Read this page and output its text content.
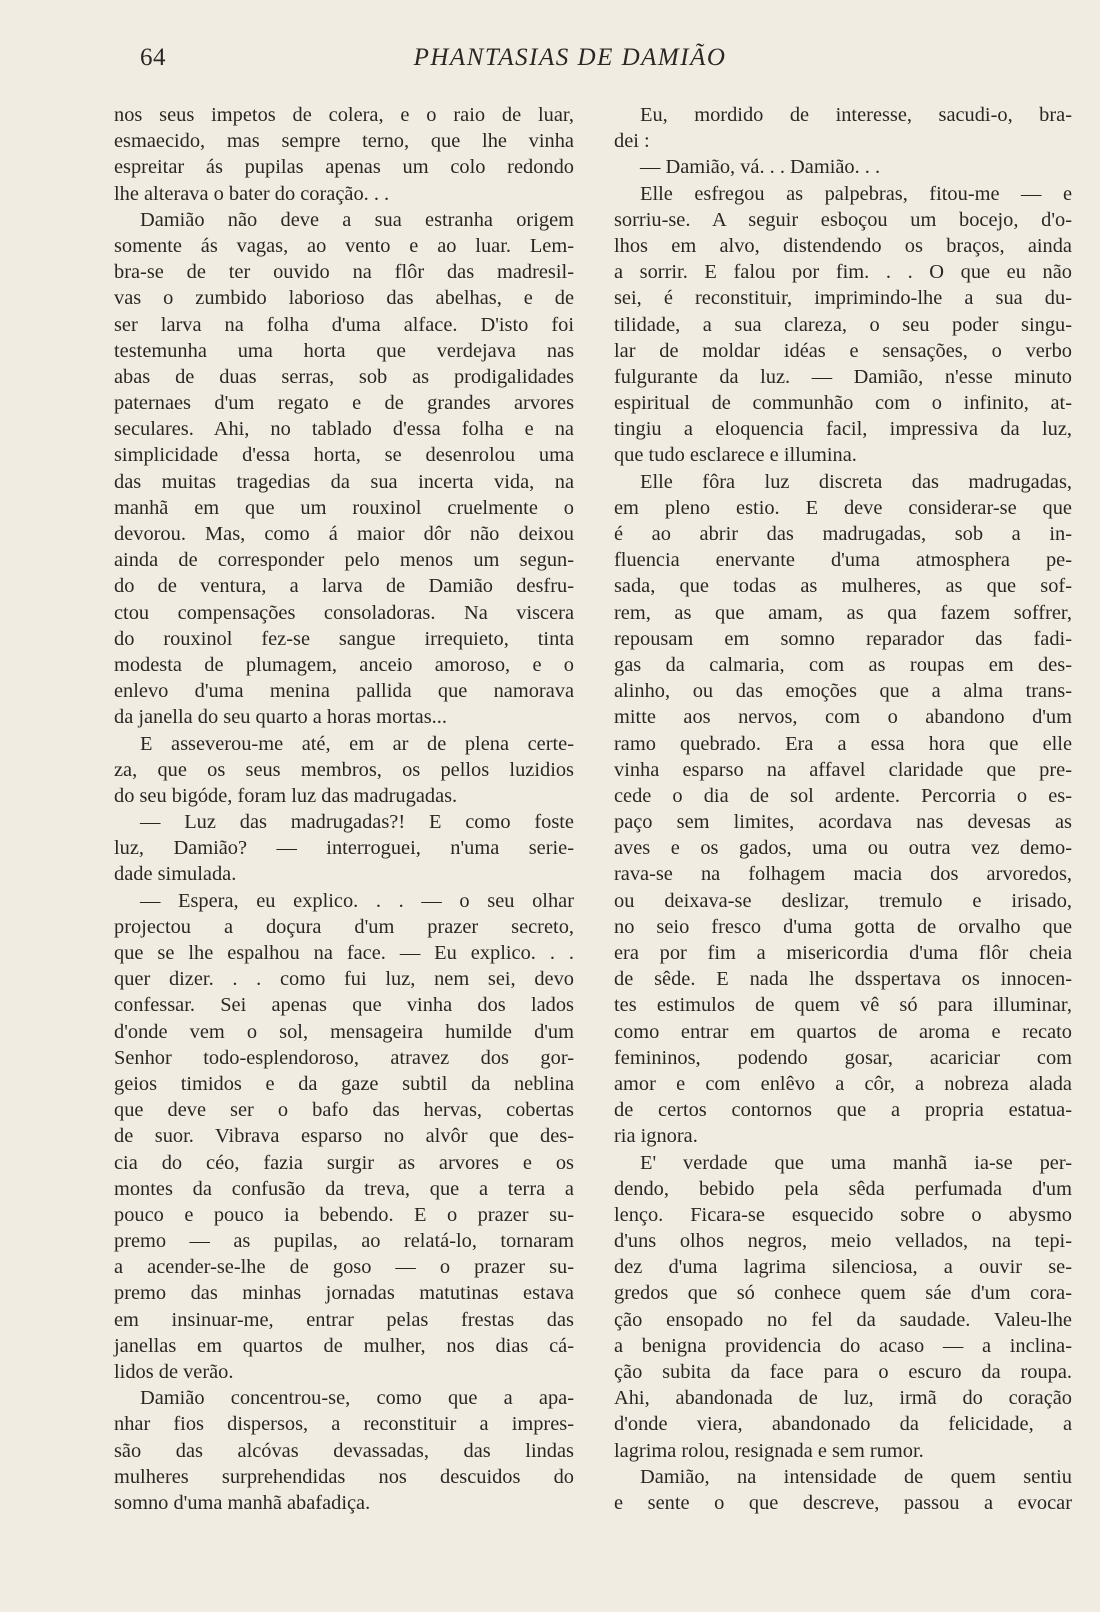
64	PHANTASIAS DE DAMIÃO
nos seus impetos de colera, e o raio de luar,
esmaecido, mas sempre terno, que lhe vinha
espreitar ás pupilas apenas um colo redondo
lhe alterava o bater do coração. . .
Damião não deve a sua estranha origem
somente ás vagas, ao vento e ao luar. Lem-
bra-se de ter ouvido na flôr das madresil-
vas o zumbido laborioso das abelhas, e de
ser larva na folha d'uma alface. D'isto foi
testemunha uma horta que verdejava nas
abas de duas serras, sob as prodigalidades
paternaes d'um regato e de grandes arvores
seculares. Ahi, no tablado d'essa folha e na
simplicidade d'essa horta, se desenrolou uma
das muitas tragedias da sua incerta vida, na
manhã em que um rouxinol cruelmente o
devorou. Mas, como á maior dôr não deixou
ainda de corresponder pelo menos um segun-
do de ventura, a larva de Damião desfru-
ctou compensações consoladoras. Na viscera
do rouxinol fez-se sangue irrequieto, tinta
modesta de plumagem, anceio amoroso, e o
enlevo d'uma menina pallida que namorava
da janella do seu quarto a horas mortas...
E asseverou-me até, em ar de plena certe-
za, que os seus membros, os pellos luzidios
do seu bigóde, foram luz das madrugadas.
— Luz das madrugadas?! E como foste
luz, Damião? — interroguei, n'uma serie-
dade simulada.
— Espera, eu explico. . . — o seu olhar
projectou a doçura d'um prazer secreto,
que se lhe espalhou na face. — Eu explico. . .
quer dizer. . . como fui luz, nem sei, devo
confessar. Sei apenas que vinha dos lados
d'onde vem o sol, mensageira humilde d'um
Senhor todo-esplendoroso, atravez dos gor-
geios timidos e da gaze subtil da neblina
que deve ser o bafo das hervas, cobertas
de suor. Vibrava esparso no alvôr que des-
cia do céo, fazia surgir as arvores e os
montes da confusão da treva, que a terra a
pouco e pouco ia bebendo. E o prazer su-
premo — as pupilas, ao relatá-lo, tornaram
a acender-se-lhe de goso — o prazer su-
premo das minhas jornadas matutinas estava
em insinuar-me, entrar pelas frestas das
janellas em quartos de mulher, nos dias cá-
lidos de verão.
Damião concentrou-se, como que a apa-
nhar fios dispersos, a reconstituir a impres-
são das alcóvas devassadas, das lindas
mulheres surprehendidas nos descuidos do
somno d'uma manhã abafadiça.
Eu, mordido de interesse, sacudi-o, bra-
dei :
— Damião, vá. . . Damião. . .
Elle esfregou as palpebras, fitou-me — e
sorriu-se. A seguir esboçou um bocejo, d'o-
lhos em alvo, distendendo os braços, ainda
a sorrir. E falou por fim. . . O que eu não
sei, é reconstituir, imprimindo-lhe a sua du-
tilidade, a sua clareza, o seu poder singu-
lar de moldar idéas e sensações, o verbo
fulgurante da luz. — Damião, n'esse minuto
espiritual de communhão com o infinito, at-
tingiu a eloquencia facil, impressiva da luz,
que tudo esclarece e illumina.
Elle fôra luz discreta das madrugadas,
em pleno estio. E deve considerar-se que
é ao abrir das madrugadas, sob a in-
fluencia enervante d'uma atmosphera pe-
sada, que todas as mulheres, as que sof-
rem, as que amam, as qua fazem soffrer,
repousam em somno reparador das fadi-
gas da calmaria, com as roupas em des-
alinho, ou das emoções que a alma trans-
mitte aos nervos, com o abandono d'um
ramo quebrado. Era a essa hora que elle
vinha esparso na affavel claridade que pre-
cede o dia de sol ardente. Percorria o es-
paço sem limites, acordava nas devesas as
aves e os gados, uma ou outra vez demo-
rava-se na folhagem macia dos arvoredos,
ou deixava-se deslizar, tremulo e irisado,
no seio fresco d'uma gotta de orvalho que
era por fim a misericordia d'uma flôr cheia
de sêde. E nada lhe dsspertava os innocen-
tes estimulos de quem vê só para illuminar,
como entrar em quartos de aroma e recato
femininos, podendo gosar, acariciar com
amor e com enlêvo a côr, a nobreza alada
de certos contornos que a propria estatua-
ria ignora.
E' verdade que uma manhã ia-se per-
dendo, bebido pela sêda perfumada d'um
lenço. Ficara-se esquecido sobre o abysmo
d'uns olhos negros, meio vellados, na tepi-
dez d'uma lagrima silenciosa, a ouvir se-
gredos que só conhece quem sáe d'um cora-
ção ensopado no fel da saudade. Valeu-lhe
a benigna providencia do acaso — a inclina-
ção subita da face para o escuro da roupa.
Ahi, abandonada de luz, irmã do coração
d'onde viera, abandonado da felicidade, a
lagrima rolou, resignada e sem rumor.
Damião, na intensidade de quem sentiu
e sente o que descreve, passou a evocar
